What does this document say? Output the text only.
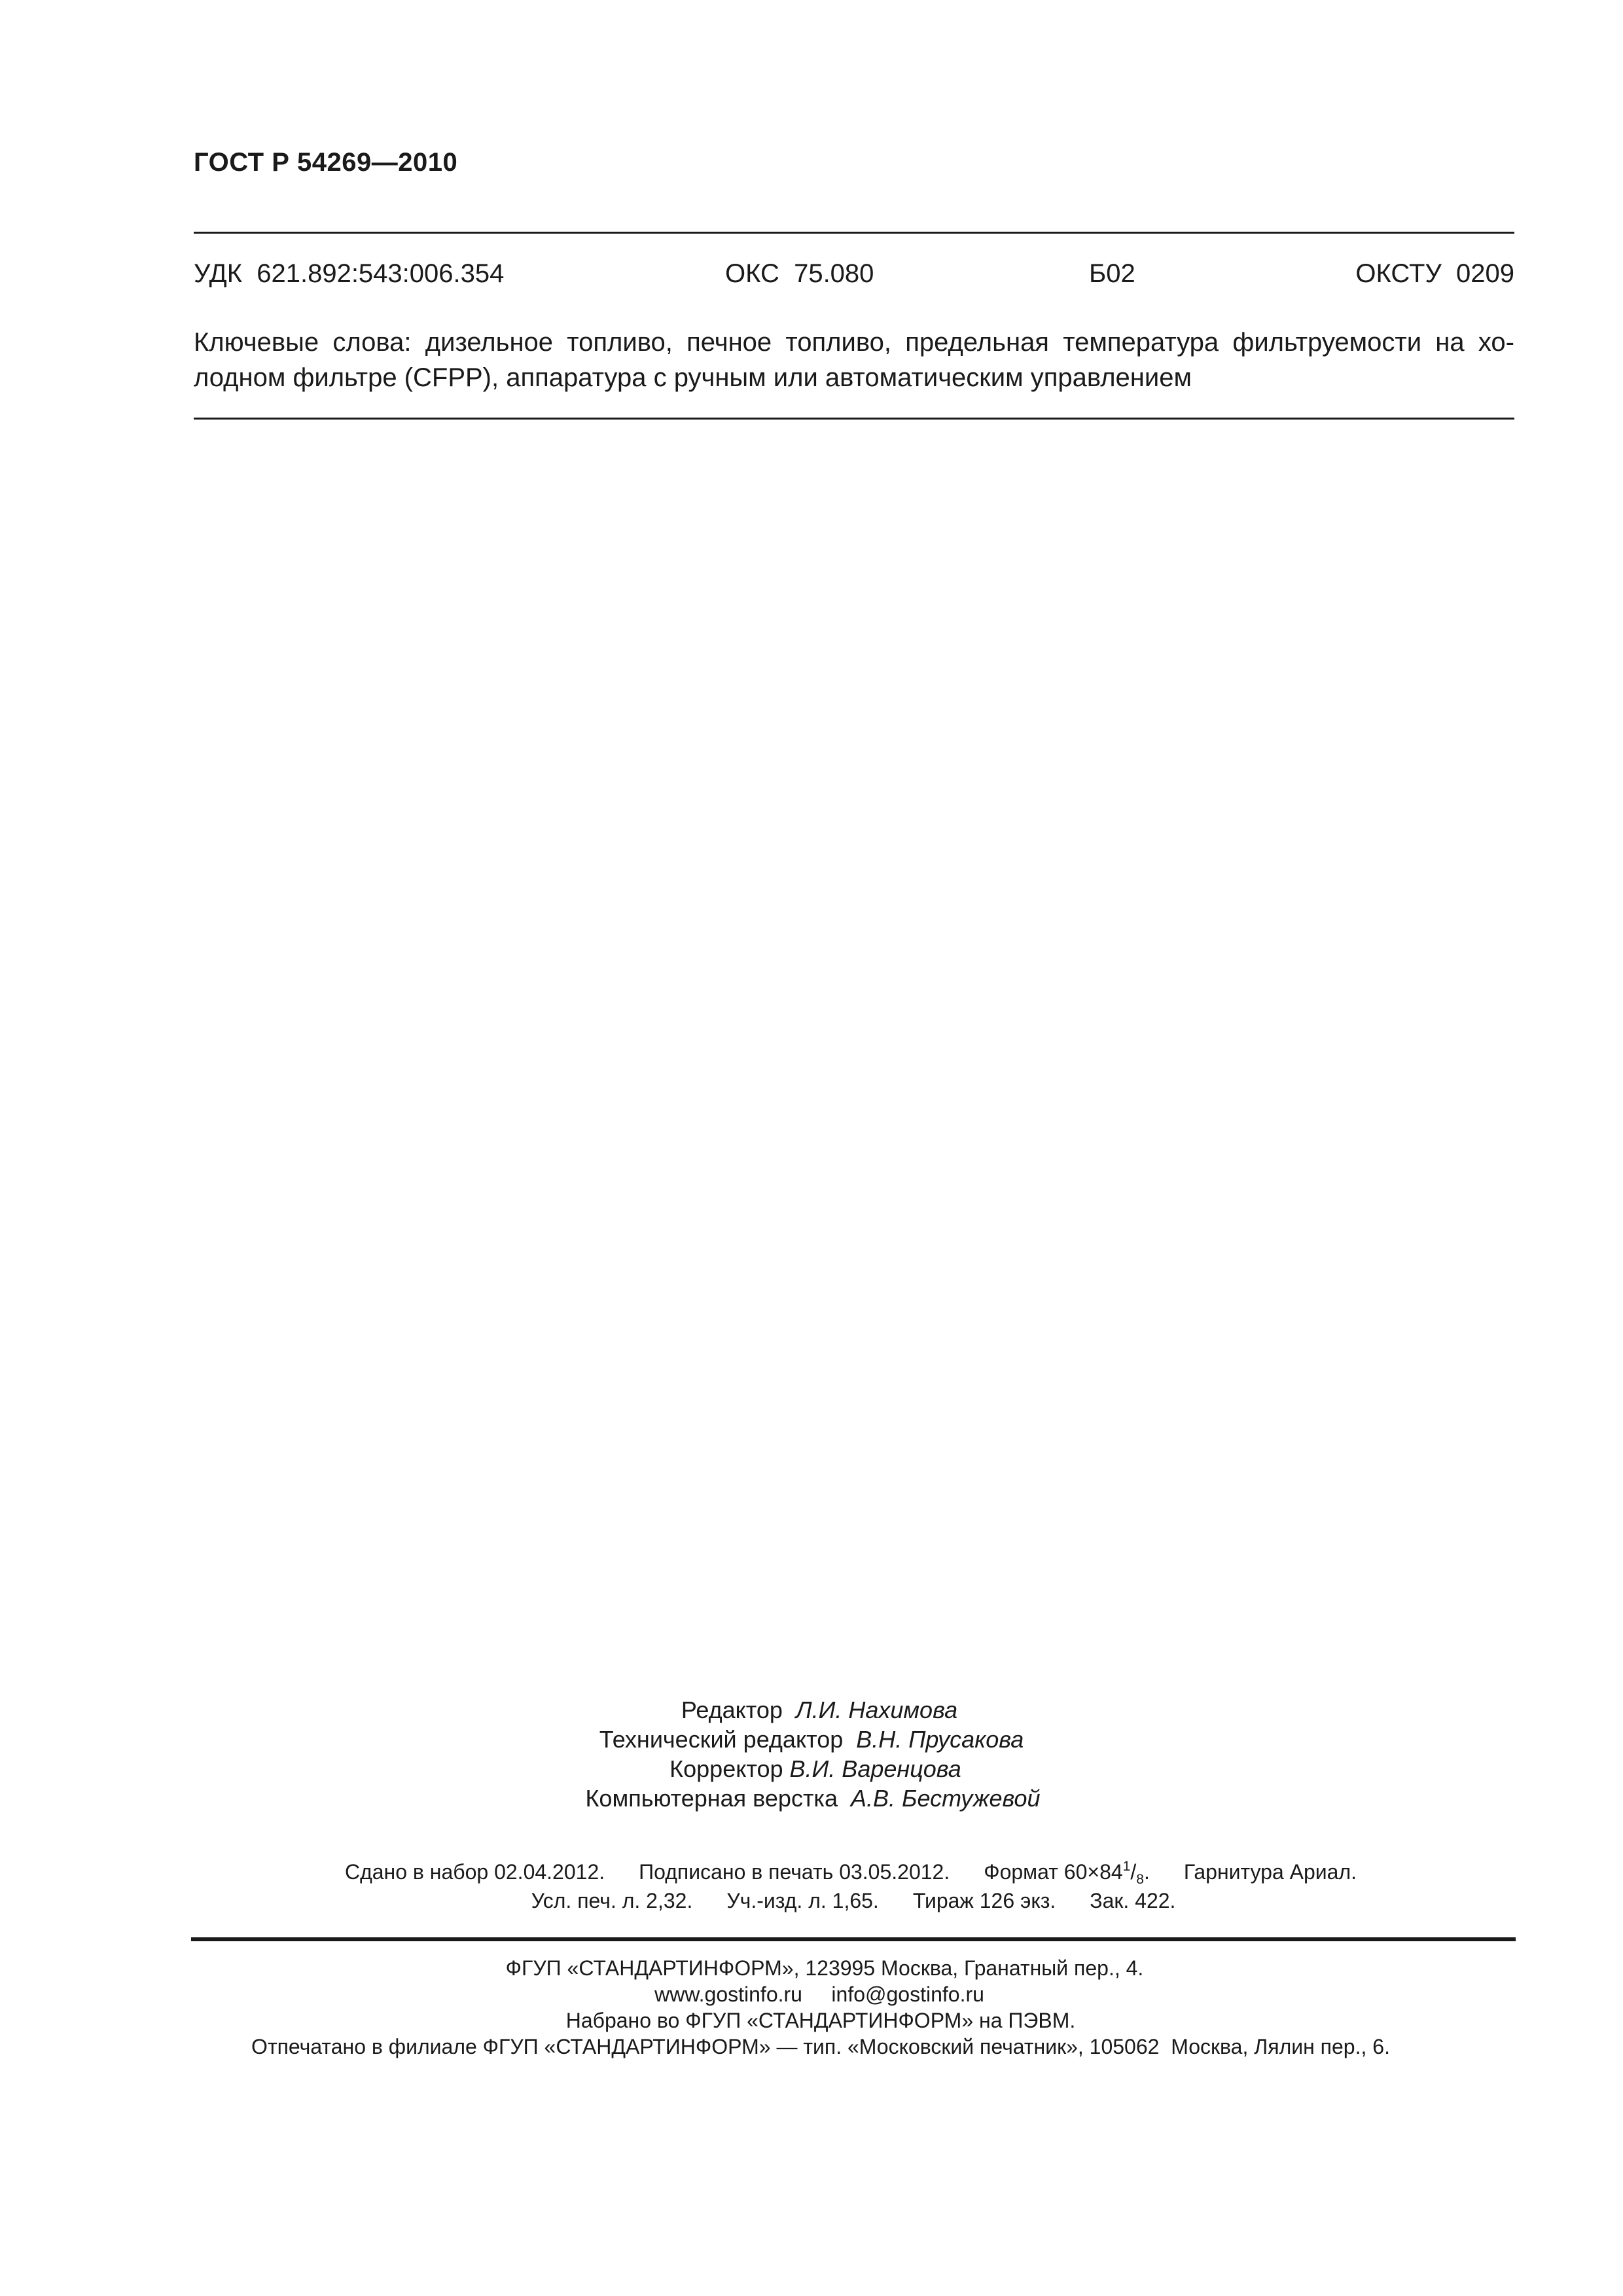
ГОСТ Р 54269—2010
УДК  621.892:543:006.354	ОКС  75.080	Б02	ОКСТУ  0209
Ключевые слова: дизельное топливо, печное топливо, предельная температура фильтруемости на хо-
лодном фильтре (CFPP), аппаратура с ручным или автоматическим управлением
Редактор Л.И. Нахимова
Технический редактор В.Н. Прусакова
Корректор В.И. Варенцова
Компьютерная верстка А.В. Бестужевой
Сдано в набор 02.04.2012. Подписано в печать 03.05.2012. Формат $60\times 84^1/_8$. Гарнитура Ариал.
Усл. печ. л. 2,32. Уч.-изд. л. 1,65. Тираж 126 экз. Зак. 422.
ФГУП «СТАНДАРТИНФОРМ», 123995 Москва, Гранатный пер., 4.
www.gostinfo.ru info@gostinfo.ru
Набрано во ФГУП «СТАНДАРТИНФОРМ» на ПЭВМ.
Отпечатано в филиале ФГУП «СТАНДАРТИНФОРМ» — тип. «Московский печатник», 105062  Москва, Лялин пер., 6.
